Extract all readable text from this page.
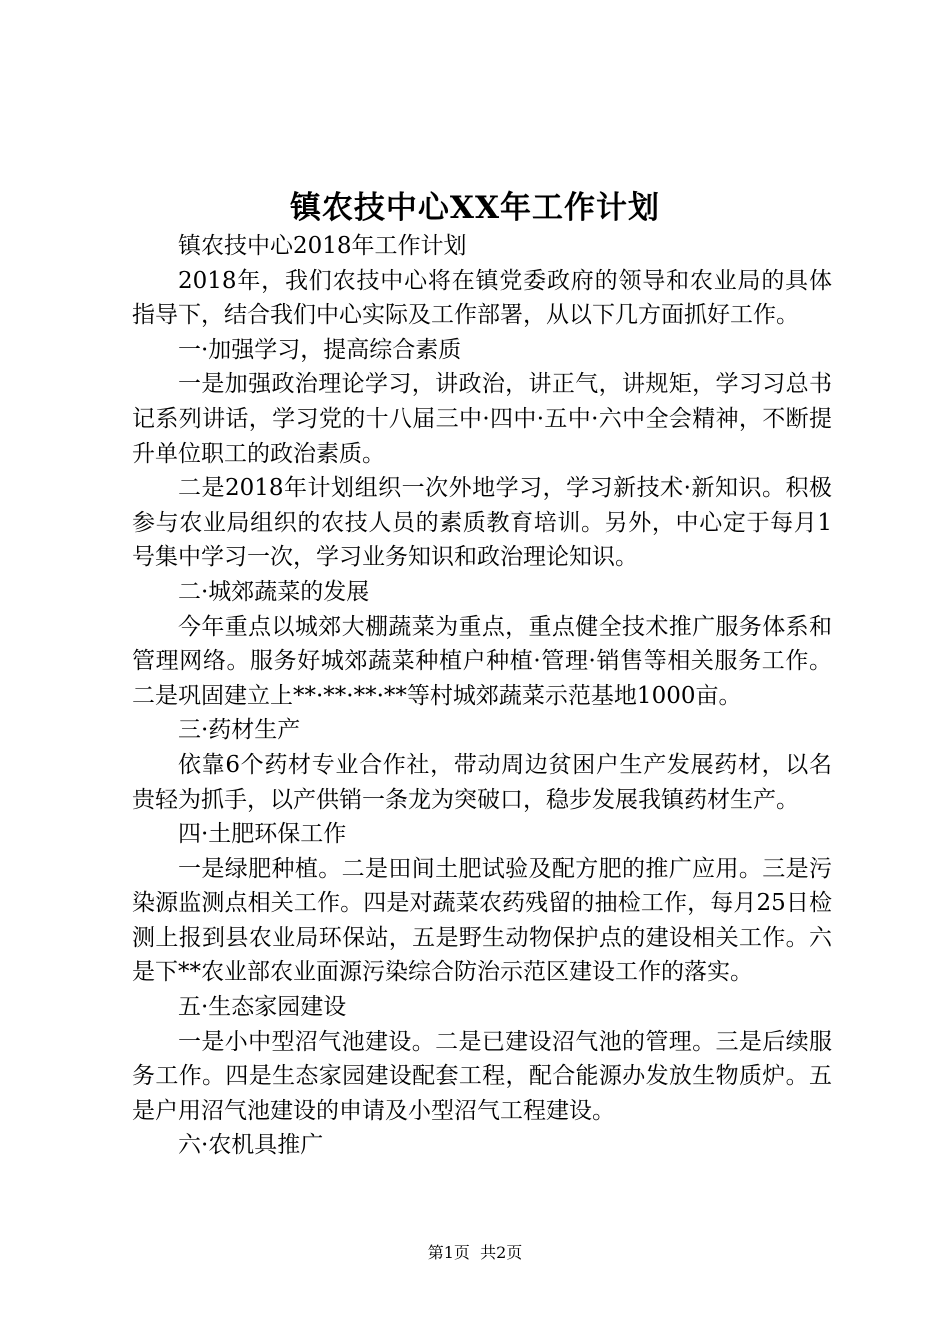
镇农技中心XX年工作计划

镇农技中心2018年工作计划

2018年，我们农技中心将在镇党委政府的领导和农业局的具体指导下，结合我们中心实际及工作部署，从以下几方面抓好工作。

一·加强学习，提高综合素质

一是加强政治理论学习，讲政治，讲正气，讲规矩，学习习总书记系列讲话，学习党的十八届三中·四中·五中·六中全会精神，不断提升单位职工的政治素质。

二是2018年计划组织一次外地学习，学习新技术·新知识。积极参与农业局组织的农技人员的素质教育培训。另外，中心定于每月1号集中学习一次，学习业务知识和政治理论知识。

二·城郊蔬菜的发展

今年重点以城郊大棚蔬菜为重点，重点健全技术推广服务体系和管理网络。服务好城郊蔬菜种植户种植·管理·销售等相关服务工作。二是巩固建立上**·**·**·**等村城郊蔬菜示范基地1000亩。

三·药材生产

依靠6个药材专业合作社，带动周边贫困户生产发展药材，以名贵轻为抓手，以产供销一条龙为突破口，稳步发展我镇药材生产。

四·土肥环保工作

一是绿肥种植。二是田间土肥试验及配方肥的推广应用。三是污染源监测点相关工作。四是对蔬菜农药残留的抽检工作，每月25日检测上报到县农业局环保站，五是野生动物保护点的建设相关工作。六是下**农业部农业面源污染综合防治示范区建设工作的落实。

五·生态家园建设

一是小中型沼气池建设。二是已建设沼气池的管理。三是后续服务工作。四是生态家园建设配套工程，配合能源办发放生物质炉。五是户用沼气池建设的申请及小型沼气工程建设。

六·农机具推广

第1页  共2页
